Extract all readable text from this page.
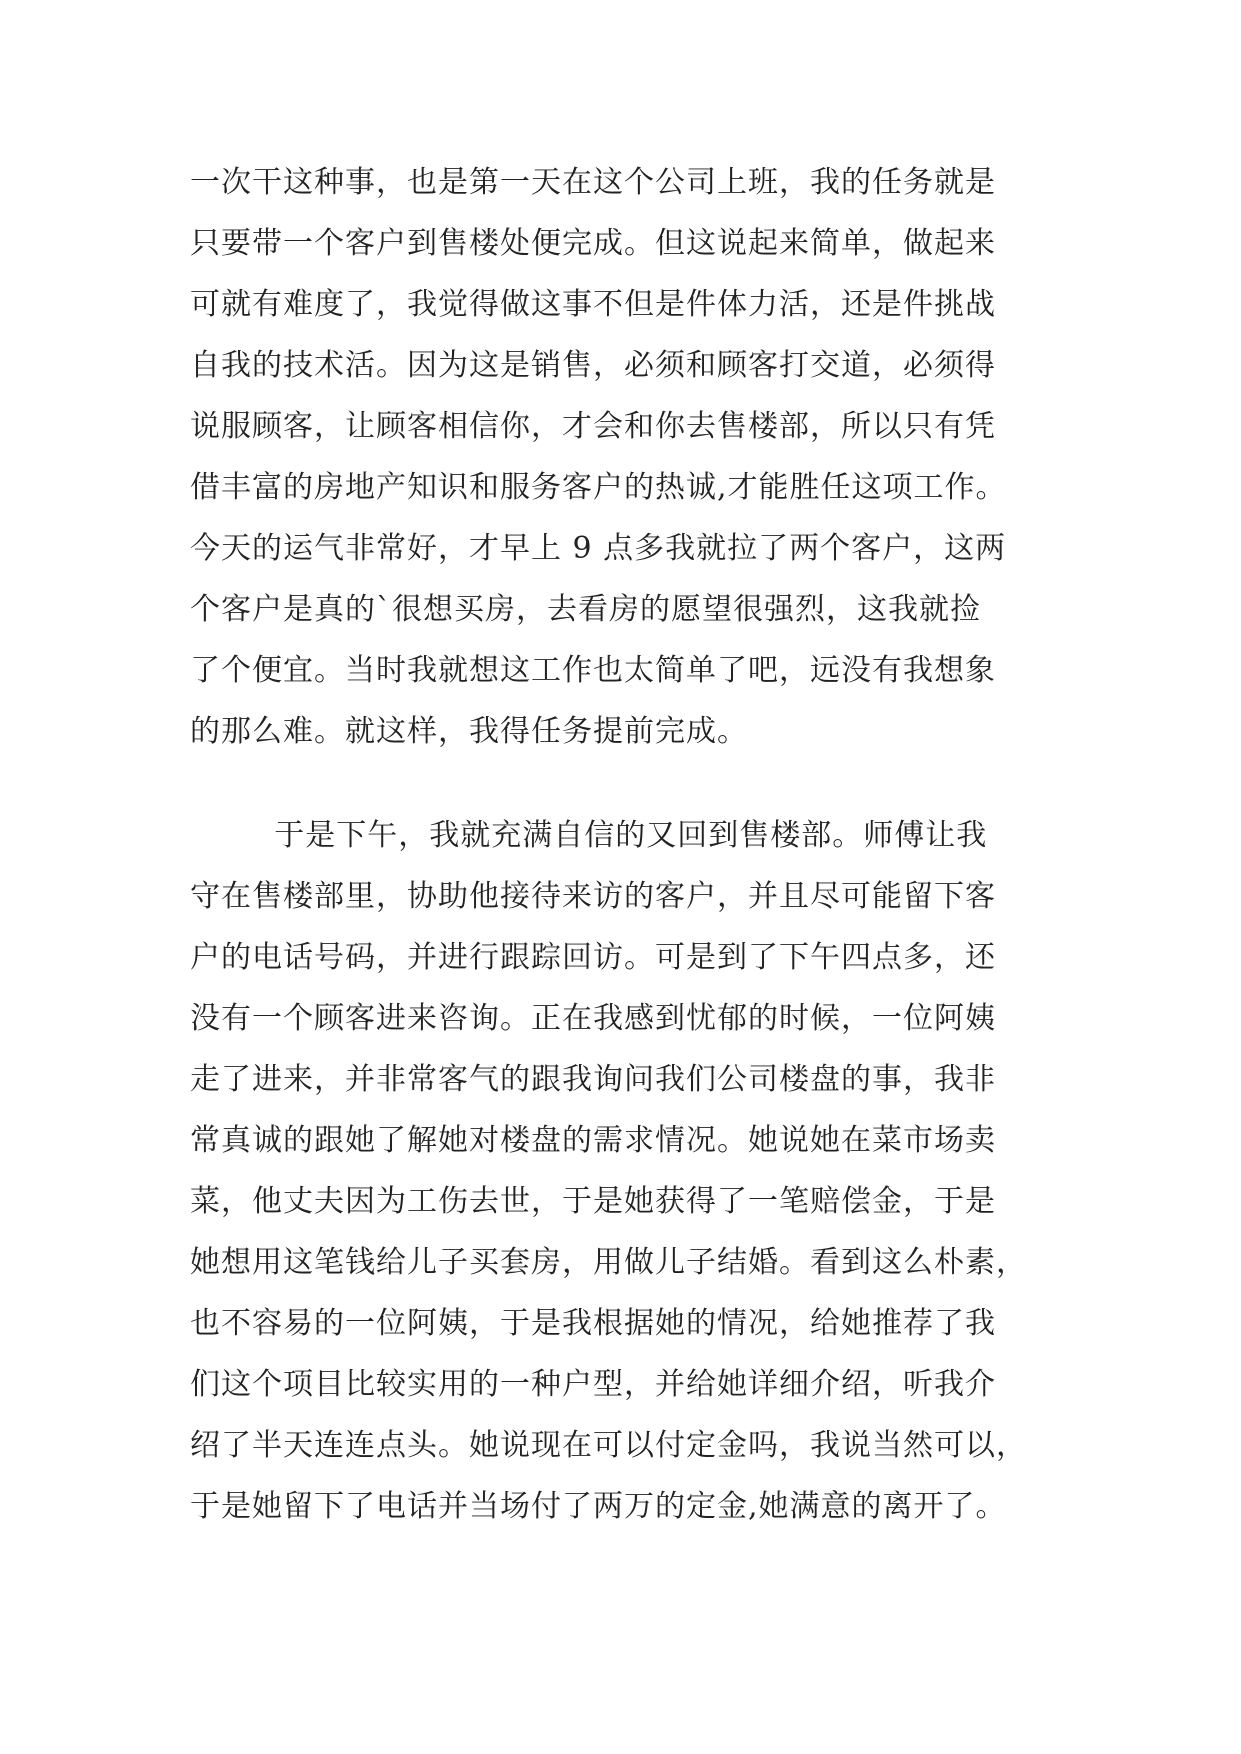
一次干这种事，也是第一天在这个公司上班，我的任务就是
只要带一个客户到售楼处便完成。但这说起来简单，做起来
可就有难度了，我觉得做这事不但是件体力活，还是件挑战
自我的技术活。因为这是销售，必须和顾客打交道，必须得
说服顾客，让顾客相信你，才会和你去售楼部，所以只有凭
借丰富的房地产知识和服务客户的热诚,才能胜任这项工作。
今天的运气非常好，才早上 9 点多我就拉了两个客户，这两
个客户是真的`很想买房，去看房的愿望很强烈，这我就捡
了个便宜。当时我就想这工作也太简单了吧，远没有我想象
的那么难。就这样，我得任务提前完成。
于是下午，我就充满自信的又回到售楼部。师傅让我
守在售楼部里，协助他接待来访的客户，并且尽可能留下客
户的电话号码，并进行跟踪回访。可是到了下午四点多，还
没有一个顾客进来咨询。正在我感到忧郁的时候，一位阿姨
走了进来，并非常客气的跟我询问我们公司楼盘的事，我非
常真诚的跟她了解她对楼盘的需求情况。她说她在菜市场卖
菜，他丈夫因为工伤去世，于是她获得了一笔赔偿金，于是
她想用这笔钱给儿子买套房，用做儿子结婚。看到这么朴素，
也不容易的一位阿姨，于是我根据她的情况，给她推荐了我
们这个项目比较实用的一种户型，并给她详细介绍，听我介
绍了半天连连点头。她说现在可以付定金吗，我说当然可以，
于是她留下了电话并当场付了两万的定金,她满意的离开了。
